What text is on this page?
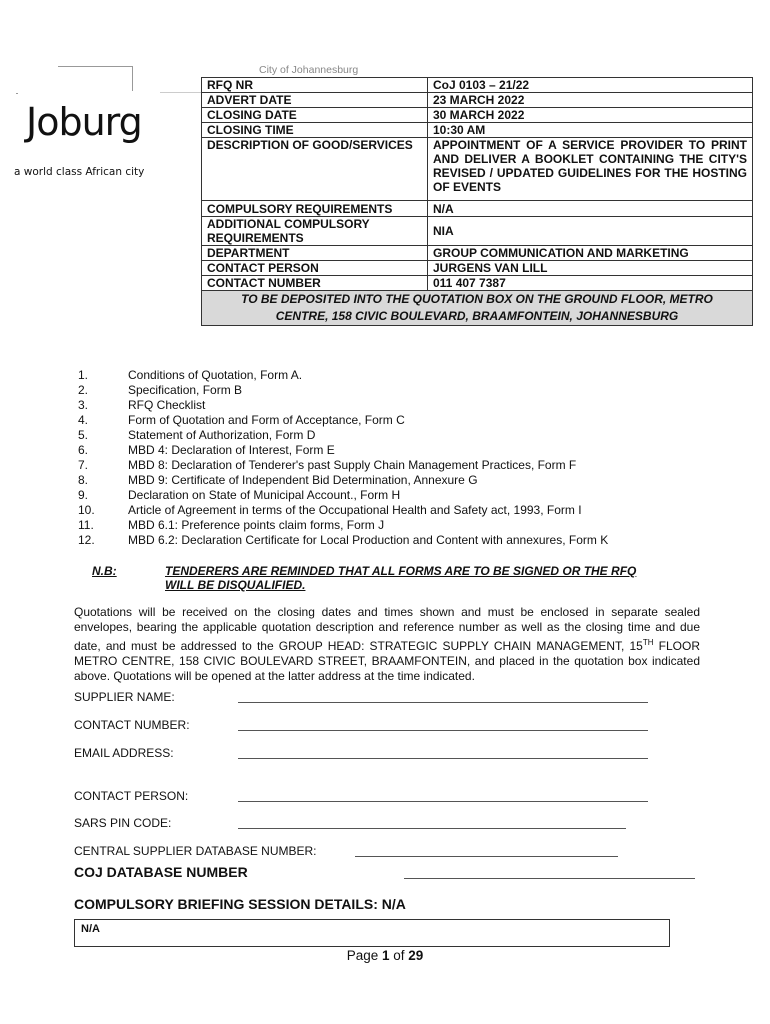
Joburg
a world class African city
City of Johannesburg
RFQ NR	CoJ 0103 – 21/22
ADVERT DATE	23 MARCH 2022
CLOSING DATE	30 MARCH 2022
CLOSING TIME	10:30 AM
DESCRIPTION OF GOOD/SERVICES	APPOINTMENT OF A SERVICE PROVIDER TO PRINT AND DELIVER A BOOKLET CONTAINING THE CITY'S REVISED / UPDATED GUIDELINES FOR THE HOSTING OF EVENTS
COMPULSORY REQUIREMENTS	N/A
ADDITIONAL COMPULSORY REQUIREMENTS	NIA
DEPARTMENT	GROUP COMMUNICATION AND MARKETING
CONTACT PERSON	JURGENS VAN LILL
CONTACT NUMBER	011 407 7387
TO BE DEPOSITED INTO THE QUOTATION BOX ON THE GROUND FLOOR, METRO CENTRE, 158 CIVIC BOULEVARD, BRAAMFONTEIN, JOHANNESBURG	
1.	Conditions of Quotation, Form A.
2.	Specification, Form B
3.	RFQ Checklist
4.	Form of Quotation and Form of Acceptance, Form C
5.	Statement of Authorization, Form D
6.	MBD 4: Declaration of Interest, Form E
7.	MBD 8: Declaration of Tenderer's past Supply Chain Management Practices, Form F
8.	MBD 9: Certificate of Independent Bid Determination, Annexure G
9.	Declaration on State of Municipal Account., Form H
10.	Article of Agreement in terms of the Occupational Health and Safety act, 1993, Form I
11.	MBD 6.1: Preference points claim forms, Form J
12.	MBD 6.2: Declaration Certificate for Local Production and Content with annexures, Form K
N.B:	TENDERERS ARE REMINDED THAT ALL FORMS ARE TO BE SIGNED OR THE RFQ WILL BE DISQUALIFIED.
Quotations will be received on the closing dates and times shown and must be enclosed in separate sealed envelopes, bearing the applicable quotation description and reference number as well as the closing time and due date, and must be addressed to the GROUP HEAD: STRATEGIC SUPPLY CHAIN MANAGEMENT, 15TH FLOOR METRO CENTRE, 158 CIVIC BOULEVARD STREET, BRAAMFONTEIN, and placed in the quotation box indicated above. Quotations will be opened at the latter address at the time indicated.
SUPPLIER NAME:
CONTACT NUMBER:
EMAIL ADDRESS:
CONTACT PERSON:
SARS PIN CODE:
CENTRAL SUPPLIER DATABASE NUMBER:
COJ DATABASE NUMBER
COMPULSORY BRIEFING SESSION DETAILS: N/A
N/A
Page 1 of 29
